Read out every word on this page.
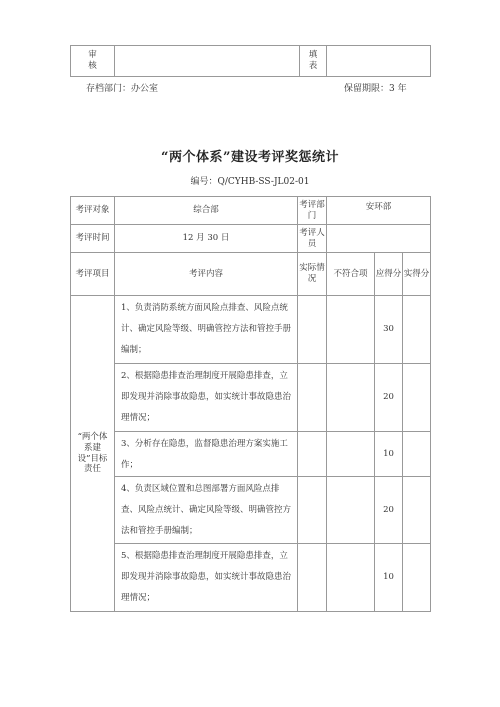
审
核		填
表	
存档部门：办公室	保留期限：3 年
“两个体系”建设考评奖惩统计
编号：Q/CYHB-SS-JL02-01
考评对象	综合部	考评部门	安环部		
考评时间	12 月 30 日	考评人员			
考评项目	考评内容	实际情况	不符合项	应得分	实得分
“两个体系建设”目标责任	1、负责消防系统方面风险点排查、风险点统计、确定风险等级、明确管控方法和管控手册编制；			30	
	2、根据隐患排查治理制度开展隐患排查，立即发现并消除事故隐患，如实统计事故隐患治理情况；			20	
	3、分析存在隐患，监督隐患治理方案实施工作；			10	
	4、负责区域位置和总图部署方面风险点排查、风险点统计、确定风险等级、明确管控方法和管控手册编制；			20	
	5、根据隐患排查治理制度开展隐患排查，立即发现并消除事故隐患，如实统计事故隐患治理情况；			10	
